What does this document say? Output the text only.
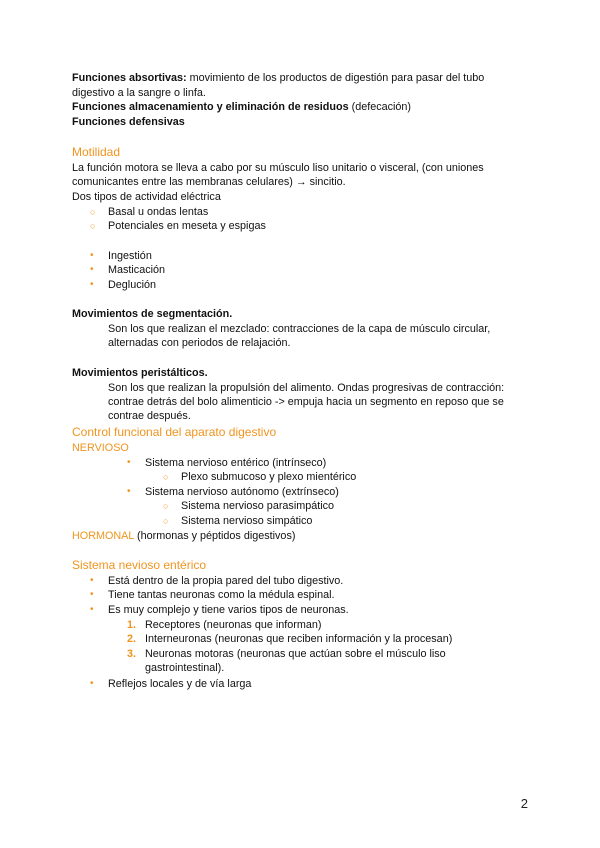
Funciones absortivas: movimiento de los productos de digestión para pasar del tubo
digestivo a la sangre o linfa.
Funciones almacenamiento y eliminación de residuos (defecación)
Funciones defensivas
Motilidad
La función motora se lleva a cabo por su músculo liso unitario o visceral, (con uniones
comunicantes entre las membranas celulares) → sincitio.
Dos tipos de actividad eléctrica
○ Basal u ondas lentas
○ Potenciales en meseta y espigas
• Ingestión
• Masticación
• Deglución
Movimientos de segmentación.
Son los que realizan el mezclado: contracciones de la capa de músculo circular,
alternadas con periodos de relajación.
Movimientos peristálticos.
Son los que realizan la propulsión del alimento. Ondas progresivas de contracción:
contrae detrás del bolo alimenticio -> empuja hacia un segmento en reposo que se
contrae después.
Control funcional del aparato digestivo
NERVIOSO
• Sistema nervioso entérico (intrínseco)
○ Plexo submucoso y plexo mientérico
• Sistema nervioso autónomo (extrínseco)
○ Sistema nervioso parasimpático
○ Sistema nervioso simpático
HORMONAL (hormonas y péptidos digestivos)
Sistema nevioso entérico
• Está dentro de la propia pared del tubo digestivo.
• Tiene tantas neuronas como la médula espinal.
• Es muy complejo y tiene varios tipos de neuronas.
1. Receptores (neuronas que informan)
2. Interneuronas (neuronas que reciben información y la procesan)
3. Neuronas motoras (neuronas que actúan sobre el músculo liso
gastrointestinal).
• Reflejos locales y de vía larga
2
